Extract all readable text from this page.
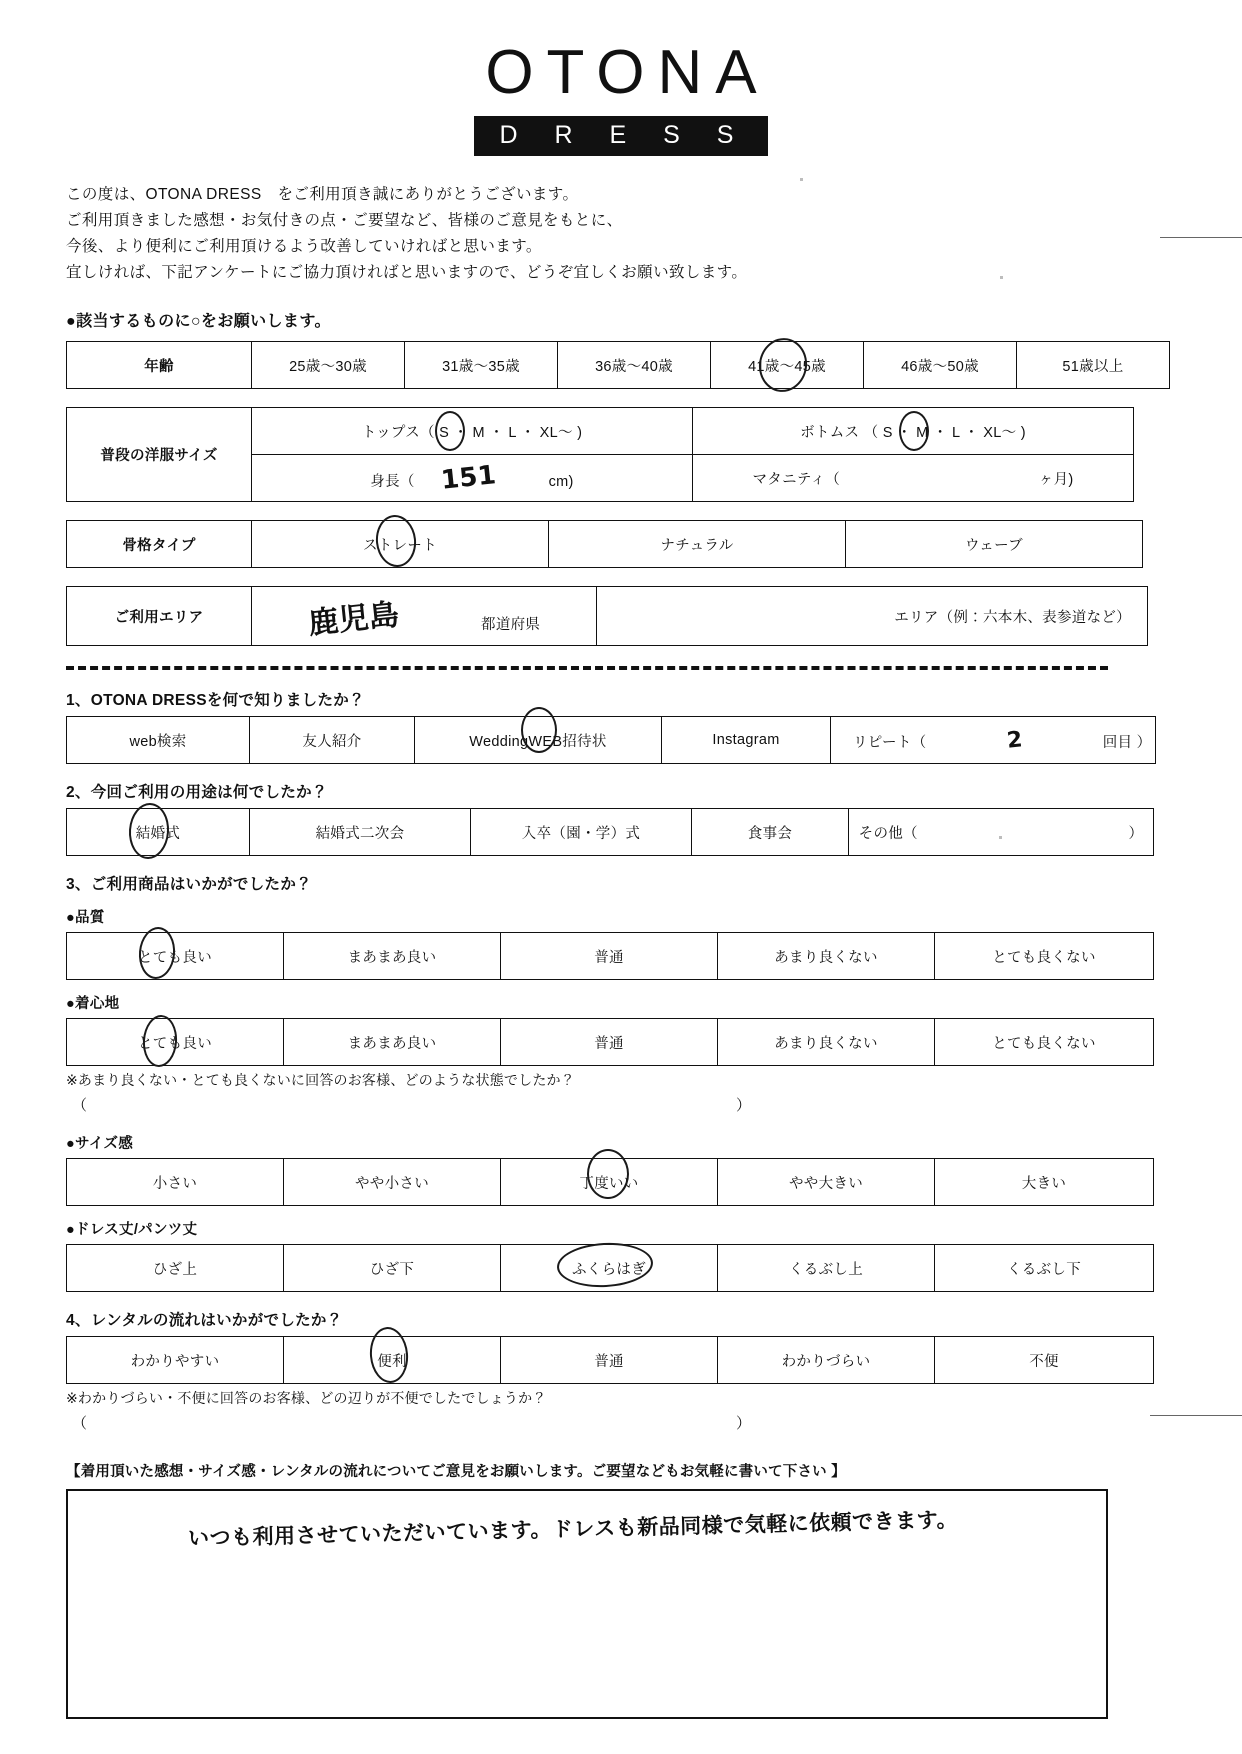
OTONA
D R E S S
この度は、OTONA DRESS　をご利用頂き誠にありがとうございます。
ご利用頂きました感想・お気付きの点・ご要望など、皆様のご意見をもとに、
今後、より便利にご利用頂けるよう改善していければと思います。
宜しければ、下記アンケートにご協力頂ければと思いますので、どうぞ宜しくお願い致します。
●該当するものに○をお願いします。
年齢	25歳～30歳	31歳～35歳	36歳～40歳	41歳～45歳	46歳～50歳	51歳以上
普段の洋服サイズ	トップス（ S ・ M ・ L ・ XL～ )	ボトムス （ S ・ M ・ L ・ XL～ )

	身長（ 151 cm)	マタニティ（ ヶ月)
骨格タイプ	ストレート	ナチュラル	ウェーブ
ご利用エリア	鹿児島	都道府県	エリア（例：六本木、表参道など）
1、OTONA DRESSを何で知りましたか？
web検索	友人紹介	WeddingWEB招待状	Instagram	リピート（	2	回目 ）
2、今回ご利用の用途は何でしたか？
結婚式	結婚式二次会	入卒（園・学）式	食事会	その他（	）
3、ご利用商品はいかがでしたか？
●品質
とても良い	まあまあ良い	普通	あまり良くない	とても良くない
●着心地
とても良い	まあまあ良い	普通	あまり良くない	とても良くない
※あまり良くない・とても良くないに回答のお客様、どのような状態でしたか？
（	）
●サイズ感
小さい	やや小さい	丁度いい	やや大きい	大きい
●ドレス丈/パンツ丈
ひざ上	ひざ下	ふくらはぎ	くるぶし上	くるぶし下
4、レンタルの流れはいかがでしたか？
わかりやすい	便利	普通	わかりづらい	不便
※わかりづらい・不便に回答のお客様、どの辺りが不便でしたでしょうか？
（	）
【着用頂いた感想・サイズ感・レンタルの流れについてご意見をお願いします。ご要望などもお気軽に書いて下さい 】
いつも利用させていただいています。ドレスも新品同様で気軽に依頼できます。
